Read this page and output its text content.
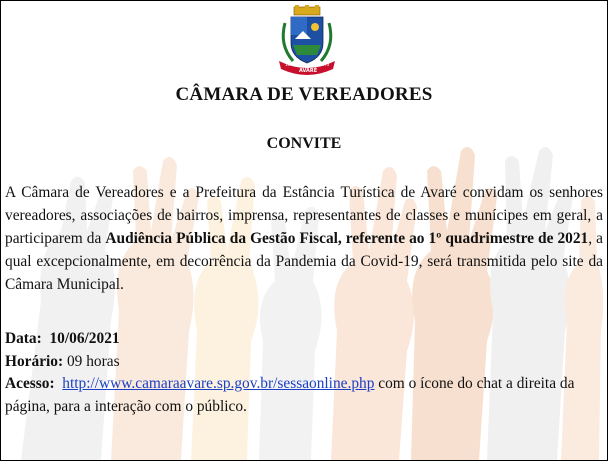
1861	1873
AVARÉ
CÂMARA DE VEREADORES
CONVITE
A Câmara de Vereadores e a Prefeitura da Estância Turística de Avaré convidam os senhores vereadores, associações de bairros, imprensa, representantes de classes e munícipes em geral, a participarem da Audiência Pública da Gestão Fiscal, referente ao 1º quadrimestre de 2021, a qual excepcionalmente, em decorrência da Pandemia da Covid-19, será transmitida pelo site da Câmara Municipal.
Data: 10/06/2021
Horário: 09 horas
Acesso: http://www.camaraavare.sp.gov.br/sessaonline.php com o ícone do chat a direita da página, para a interação com o público.
